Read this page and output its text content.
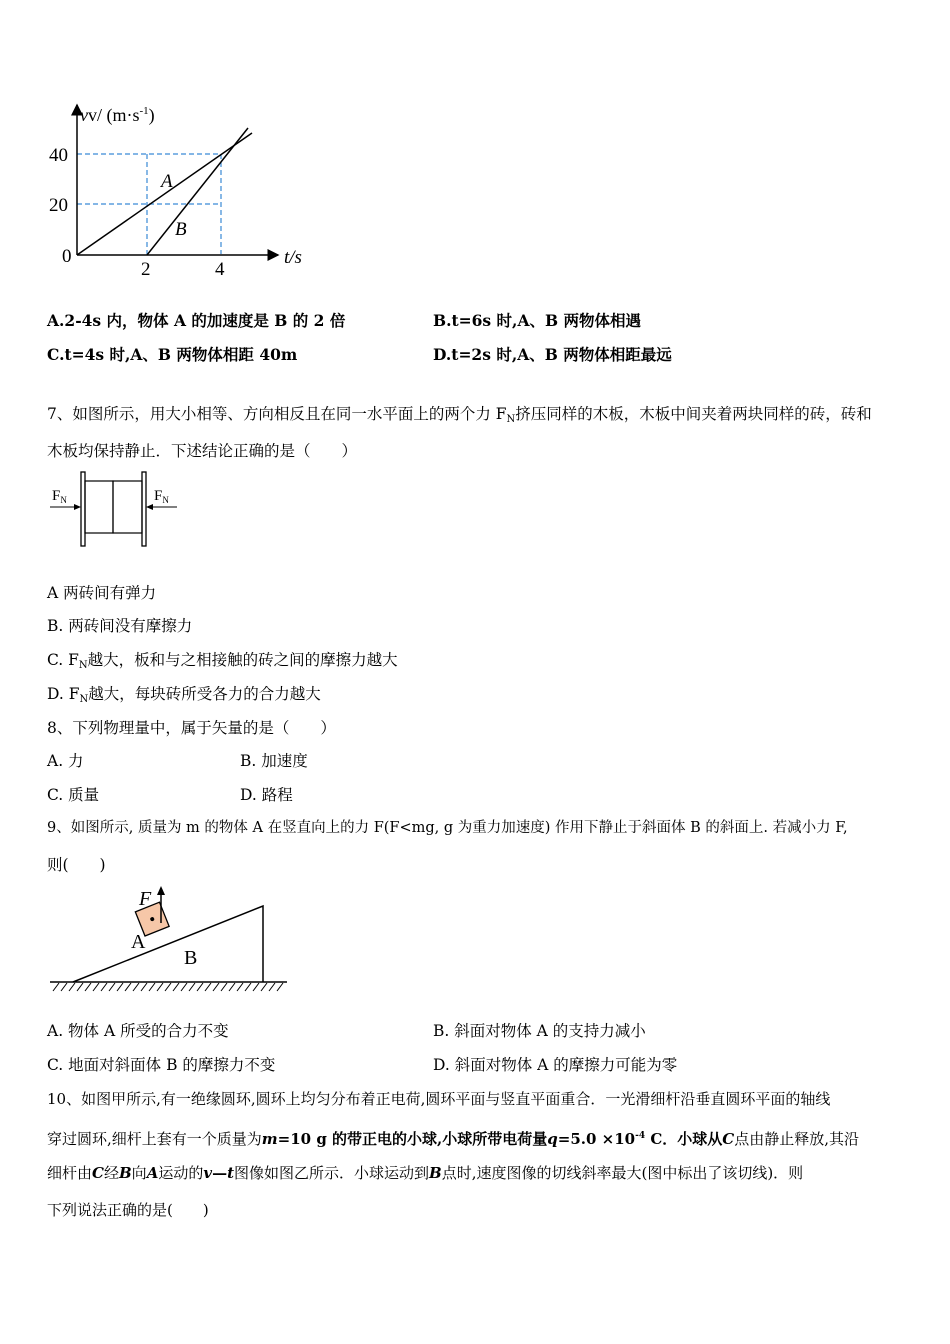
vv/ $(m\cdot s^{-1})$
40
20
0
2	4
t/s
A
B
A.2-4s 内，物体 A 的加速度是 B 的 2 倍	B.t=6s 时,A、B 两物体相遇
C.t=4s 时,A、B 两物体相距 40m	D.t=2s 时,A、B 两物体相距最远
7、如图所示，用大小相等、方向相反且在同一水平面上的两个力 $F_N$挤压同样的木板，木板中间夹着两块同样的砖，砖和
木板均保持静止．下述结论正确的是（　　）
$F_N$	$F_N$
A 两砖间有弹力
B. 两砖间没有摩擦力
C. $F_N$越大，板和与之相接触的砖之间的摩擦力越大
D. $F_N$越大，每块砖所受各力的合力越大
8、下列物理量中，属于矢量的是（　　）
A. 力	B. 加速度
C. 质量	D. 路程
9、如图所示, 质量为 m 的物体 A 在竖直向上的力 F(F<mg, g 为重力加速度) 作用下静止于斜面体 B 的斜面上. 若减小力 F,
则(　　)
F
A
B
A. 物体 A 所受的合力不变	B. 斜面对物体 A 的支持力减小
C. 地面对斜面体 B 的摩擦力不变	D. 斜面对物体 A 的摩擦力可能为零
10、如图甲所示,有一绝缘圆环,圆环上均匀分布着正电荷,圆环平面与竖直平面重合．一光滑细杆沿垂直圆环平面的轴线
穿过圆环,细杆上套有一个质量为m=10 g 的带正电的小球,小球所带电荷量$q=5.0 \times 10^{-4}$ C．小球从C点由静止释放,其沿
细杆由C经B向A运动的v—t图像如图乙所示．小球运动到B点时,速度图像的切线斜率最大(图中标出了该切线)．则
下列说法正确的是(　　)
